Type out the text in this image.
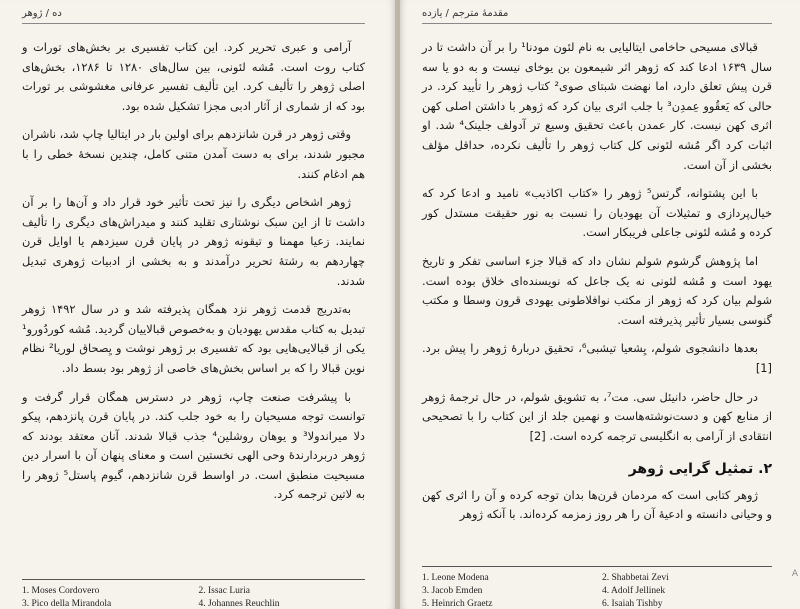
ده / ژوهر

آرامی و عبری تحریر کرد. این کتاب تفسیری بر بخش‌های تورات و کتاب روت است. مُشه لئونی، بین سال‌های ۱۲۸۰ تا ۱۲۸۶، بخش‌های اصلی ژوهر را تألیف کرد. این تألیف تفسیر عرفانی مغشوشی بر تورات بود که از شماری از آثار ادبی مجزا تشکیل شده بود.

وقتی ژوهر در قرن شانزدهم برای اولین بار در ایتالیا چاپ شد، ناشران مجبور شدند، برای به دست آمدن متنی کامل، چندین نسخهٔ خطی را با هم ادغام کنند.

ژوهر اشخاص دیگری را نیز تحت تأثیر خود قرار داد و آن‌ها را بر آن داشت تا از این سبک نوشتاری تقلید کنند و میدراش‌های دیگری را تألیف نمایند. زعیا مهمنا و تیقونه ژوهر در پایان قرن سیزدهم یا اوایل قرن چهاردهم به رشتهٔ تحریر درآمدند و به بخشی از ادبیات ژوهری تبدیل شدند.

به‌تدریج قدمت ژوهر نزد همگان پذیرفته شد و در سال ۱۴۹۲ ژوهر تبدیل به کتاب مقدس یهودیان و به‌خصوص قبالاییان گردید. مُشه کوردُورو¹ یکی از قبالایی‌هایی بود که تفسیری بر ژوهر نوشت و یِصحاق لوریا² نظام نوین قبالا را که بر اساس بخش‌های خاصی از ژوهر بود بسط داد.

با پیشرفت صنعت چاپ، ژوهر در دسترس همگان قرار گرفت و توانست توجه مسیحیان را به خود جلب کند. در پایان قرن پانزدهم، پیکو دلا میراندولا³ و یوهان روشلین⁴ جذب قبالا شدند. آنان معتقد بودند که ژوهر دربردارندهٔ وحی الهی نخستین است و معنای پنهان آن با اسرار دین مسیحیت منطبق است. در اواسط قرن شانزدهم، گیوم پاستل⁵ ژوهر را به لاتین ترجمه کرد.

1. Moses Cordovero	2. Issac Luria
3. Pico della Mirandola	4. Johannes Reuchlin
مقدمهٔ مترجم / یازده

قبالای مسیحی حاخامی ایتالیایی به نام لئون مودنا¹ را بر آن داشت تا در سال ۱۶۳۹ ادعا کند که ژوهر اثر شیمعون بن یوخای نیست و به دو یا سه قرن پیش تعلق دارد، اما نهضت شبتای صوی² کتاب ژوهر را تأیید کرد. در حالی که یَعقُوو عِمدِن³ با جلب اثری بیان کرد که ژوهر با داشتن اصلی کهن اثری کهن نیست. کار عمدن باعث تحقیق وسیع تر آدولف جلینک⁴ شد. او اثبات کرد اگر مُشه لئونی کل کتاب ژوهر را تألیف نکرده، حداقل مؤلف بخشی از آن است.

با این پشتوانه، گرتس⁵ ژوهر را «کتاب اکاذیب» نامید و ادعا کرد که خیال‌پردازی و تمثیلات آن یهودیان را نسبت به نور حقیقت مستدل کور کرده و مُشه لئونی جاعلی فریبکار است.

اما پژوهش گرشوم شولم نشان داد که قبالا جزء اساسی تفکر و تاریخ یهود است و مُشه لئونی نه یک جاعل که نویسنده‌ای خلاق بوده است. شولم بیان کرد که ژوهر از مکتب نوافلاطونی یهودی قرون وسطا و مکتب گنوسی بسیار تأثیر پذیرفته است.

بعدها دانشجوی شولم، یِشعیا تیشبی⁶، تحقیق دربارهٔ ژوهر را پیش برد. [1]

در حال حاضر، دانیئل سی. مت⁷، به تشویق شولم، در حال ترجمهٔ ژوهر از منابع کهن و دست‌نوشته‌هاست و نهمین جلد از این کتاب را با تصحیحی انتقادی از آرامی به انگلیسی ترجمه کرده است. [2]

۲. تمثیل گرایی ژوهر

ژوهر کتابی است که مردمان قرن‌ها بدان توجه کرده و آن را اثری کهن و وحیانی دانسته و ادعیهٔ آن را هر روز زمزمه کرده‌اند. با آنکه ژوهر

1. Leone Modena	2. Shabbetai Zevi
3. Jacob Emden	4. Adolf Jellinek
5. Heinrich Graetz	6. Isaiah Tishby
A
